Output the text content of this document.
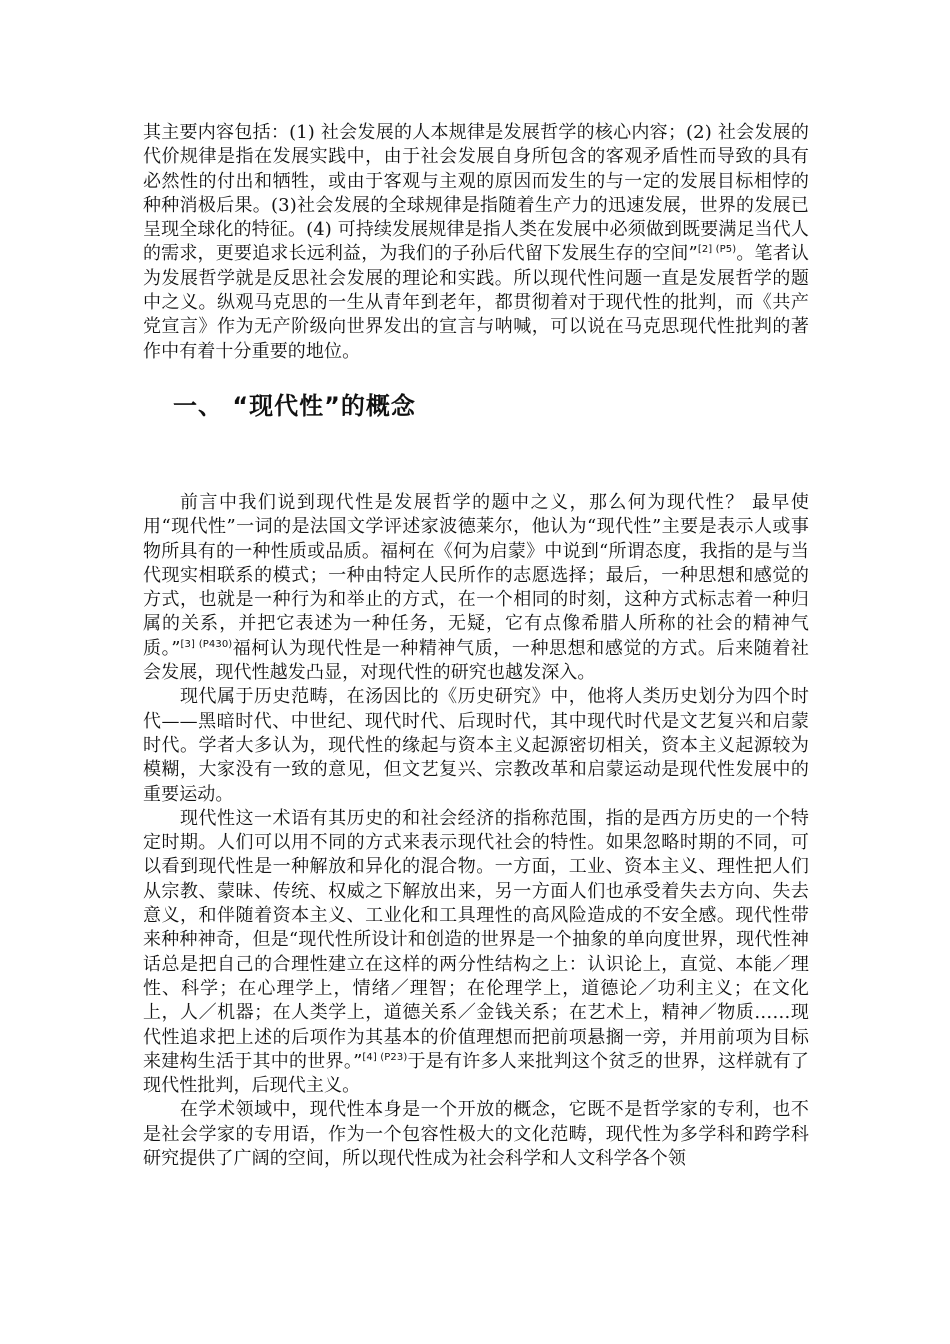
其主要内容包括：(1) 社会发展的人本规律是发展哲学的核心内容；(2) 社会发展的代价规律是指在发展实践中，由于社会发展自身所包含的客观矛盾性而导致的具有必然性的付出和牺牲，或由于客观与主观的原因而发生的与一定的发展目标相悖的种种消极后果。(3)社会发展的全球规律是指随着生产力的迅速发展，世界的发展已呈现全球化的特征。(4) 可持续发展规律是指人类在发展中必须做到既要满足当代人的需求，更要追求长远利益，为我们的子孙后代留下发展生存的空间”$^{[2] (P5)}$。笔者认为发展哲学就是反思社会发展的理论和实践。所以现代性问题一直是发展哲学的题中之义。纵观马克思的一生从青年到老年，都贯彻着对于现代性的批判，而《共产党宣言》作为无产阶级向世界发出的宣言与呐喊，可以说在马克思现代性批判的著作中有着十分重要的地位。

一、 “现代性”的概念

前言中我们说到现代性是发展哲学的题中之义，那么何为现代性？ 最早使用“现代性”一词的是法国文学评述家波德莱尔，他认为“现代性”主要是表示人或事物所具有的一种性质或品质。福柯在《何为启蒙》中说到“所谓态度，我指的是与当代现实相联系的模式；一种由特定人民所作的志愿选择；最后，一种思想和感觉的方式，也就是一种行为和举止的方式，在一个相同的时刻，这种方式标志着一种归属的关系，并把它表述为一种任务，无疑，它有点像希腊人所称的社会的精神气质。”$^{[3] (P430)}$福柯认为现代性是一种精神气质，一种思想和感觉的方式。后来随着社会发展，现代性越发凸显，对现代性的研究也越发深入。

现代属于历史范畴，在汤因比的《历史研究》中，他将人类历史划分为四个时代——黑暗时代、中世纪、现代时代、后现时代，其中现代时代是文艺复兴和启蒙时代。学者大多认为，现代性的缘起与资本主义起源密切相关，资本主义起源较为模糊，大家没有一致的意见，但文艺复兴、宗教改革和启蒙运动是现代性发展中的重要运动。

现代性这一术语有其历史的和社会经济的指称范围，指的是西方历史的一个特定时期。人们可以用不同的方式来表示现代社会的特性。如果忽略时期的不同，可以看到现代性是一种解放和异化的混合物。一方面，工业、资本主义、理性把人们从宗教、蒙昧、传统、权威之下解放出来，另一方面人们也承受着失去方向、失去意义，和伴随着资本主义、工业化和工具理性的高风险造成的不安全感。现代性带来种种神奇，但是“现代性所设计和创造的世界是一个抽象的单向度世界，现代性神话总是把自己的合理性建立在这样的两分性结构之上：认识论上，直觉、本能／理性、科学；在心理学上，情绪／理智；在伦理学上，道德论／功利主义；在文化上，人／机器；在人类学上，道德关系／金钱关系；在艺术上，精神／物质……现代性追求把上述的后项作为其基本的价值理想而把前项悬搁一旁，并用前项为目标来建构生活于其中的世界。”$^{[4] (P23)}$于是有许多人来批判这个贫乏的世界，这样就有了现代性批判，后现代主义。

在学术领域中，现代性本身是一个开放的概念，它既不是哲学家的专利，也不是社会学家的专用语，作为一个包容性极大的文化范畴，现代性为多学科和跨学科研究提供了广阔的空间，所以现代性成为社会科学和人文科学各个领
